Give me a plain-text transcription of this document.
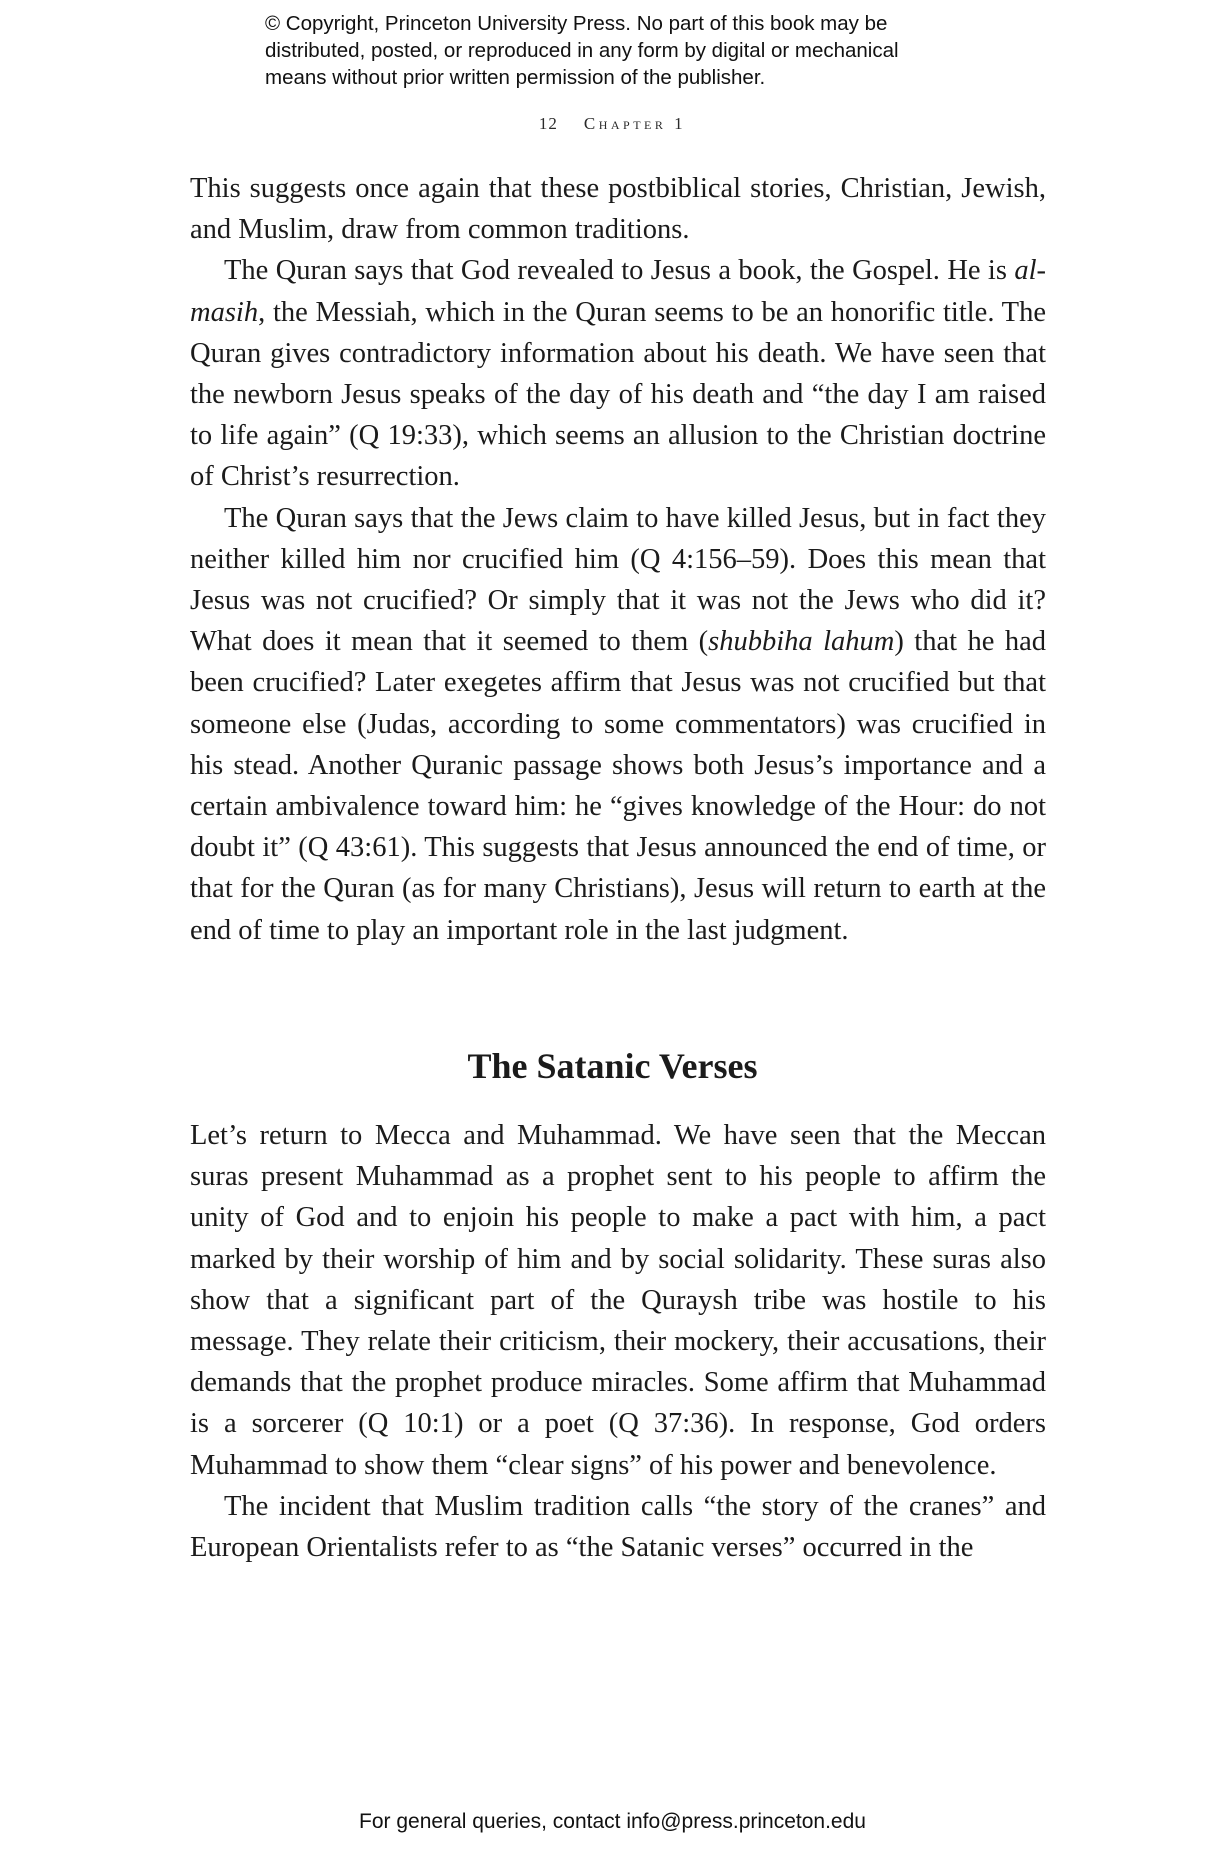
© Copyright, Princeton University Press. No part of this book may be
distributed, posted, or reproduced in any form by digital or mechanical
means without prior written permission of the publisher.
12 Chapter 1

This suggests once again that these postbiblical stories, Christian, Jewish, and Muslim, draw from common traditions.

The Quran says that God revealed to Jesus a book, the Gospel. He is al-masih, the Messiah, which in the Quran seems to be an honorific title. The Quran gives contradictory information about his death. We have seen that the newborn Jesus speaks of the day of his death and “the day I am raised to life again” (Q 19:33), which seems an allusion to the Christian doctrine of Christ’s resurrection.

The Quran says that the Jews claim to have killed Jesus, but in fact they neither killed him nor crucified him (Q 4:156–59). Does this mean that Jesus was not crucified? Or simply that it was not the Jews who did it? What does it mean that it seemed to them (shubbiha lahum) that he had been crucified? Later exegetes affirm that Jesus was not crucified but that someone else (Judas, according to some commentators) was crucified in his stead. Another Quranic passage shows both Jesus’s importance and a certain ambivalence toward him: he “gives knowledge of the Hour: do not doubt it” (Q 43:61). This suggests that Jesus announced the end of time, or that for the Quran (as for many Christians), Jesus will return to earth at the end of time to play an important role in the last judgment.

The Satanic Verses

Let’s return to Mecca and Muhammad. We have seen that the Meccan suras present Muhammad as a prophet sent to his people to affirm the unity of God and to enjoin his people to make a pact with him, a pact marked by their worship of him and by social solidarity. These suras also show that a significant part of the Quraysh tribe was hostile to his message. They relate their criticism, their mockery, their accusations, their demands that the prophet produce miracles. Some affirm that Muhammad is a sorcerer (Q 10:1) or a poet (Q 37:36). In response, God orders Muhammad to show them “clear signs” of his power and benevolence.

The incident that Muslim tradition calls “the story of the cranes” and European Orientalists refer to as “the Satanic verses” occurred in the

For general queries, contact info@press.princeton.edu
